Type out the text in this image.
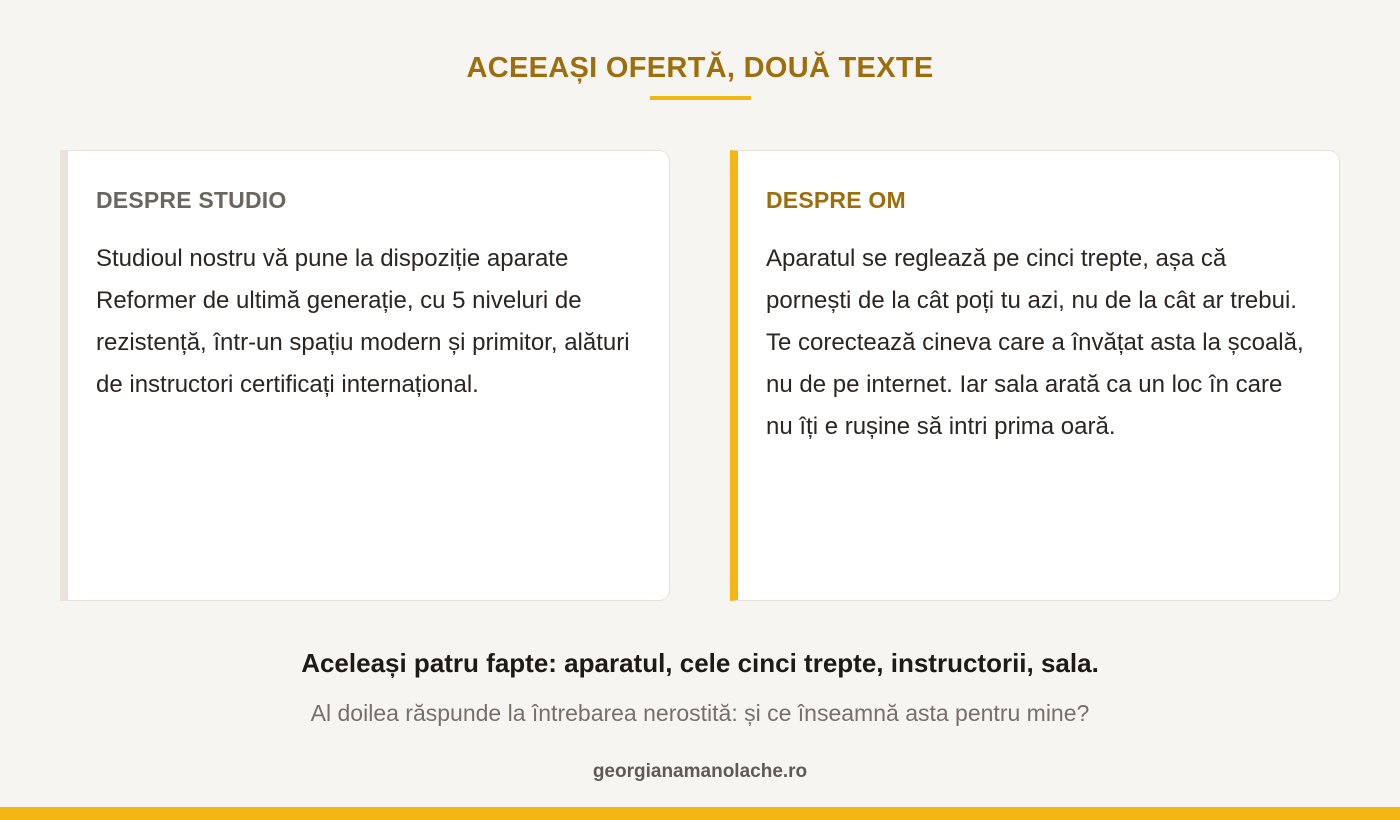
ACEEAȘI OFERTĂ, DOUĂ TEXTE
DESPRE STUDIO
Studioul nostru vă pune la dispoziție aparate Reformer de ultimă generație, cu 5 niveluri de rezistență, într-un spațiu modern și primitor, alături de instructori certificați internațional.
DESPRE OM
Aparatul se reglează pe cinci trepte, așa că pornești de la cât poți tu azi, nu de la cât ar trebui. Te corectează cineva care a învățat asta la școală, nu de pe internet. Iar sala arată ca un loc în care nu îți e rușine să intri prima oară.
Aceleași patru fapte: aparatul, cele cinci trepte, instructorii, sala.
Al doilea răspunde la întrebarea nerostită: și ce înseamnă asta pentru mine?
georgianamanolache.ro
